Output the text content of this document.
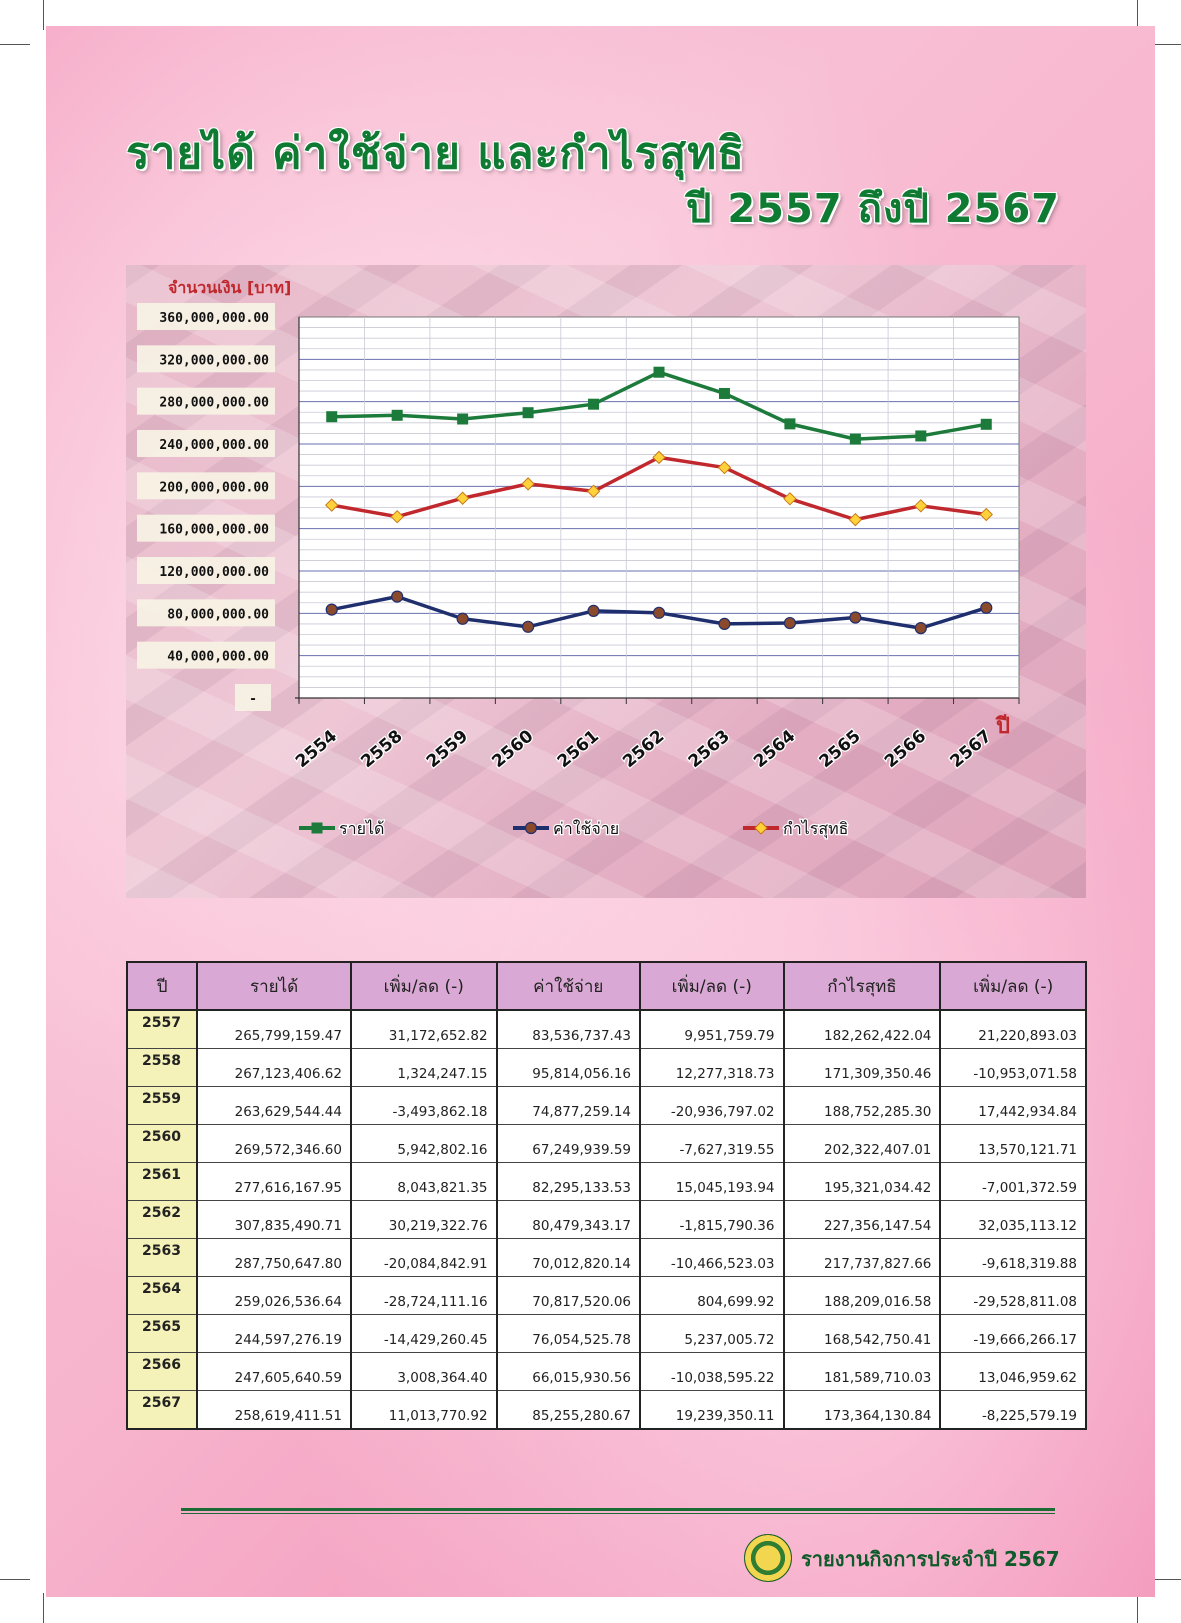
รายได้ ค่าใช้จ่าย และกำไรสุทธิ
ปี 2557 ถึงปี 2567
จำนวนเงิน [บาท]
-
40,000,000.00
80,000,000.00
120,000,000.00
160,000,000.00
200,000,000.00
240,000,000.00
280,000,000.00
320,000,000.00
360,000,000.00
2554 2558 2559 2560 2561 2562 2563 2564 2565 2566 2567 ปี
รายได้	ค่าใช้จ่าย	กำไรสุทธิ
ปี	รายได้	เพิ่ม/ลด (-)	ค่าใช้จ่าย	เพิ่ม/ลด (-)	กำไรสุทธิ	เพิ่ม/ลด (-)
2557	265,799,159.47	31,172,652.82	83,536,737.43	9,951,759.79	182,262,422.04	21,220,893.03
2558	267,123,406.62	1,324,247.15	95,814,056.16	12,277,318.73	171,309,350.46	-10,953,071.58
2559	263,629,544.44	-3,493,862.18	74,877,259.14	-20,936,797.02	188,752,285.30	17,442,934.84
2560	269,572,346.60	5,942,802.16	67,249,939.59	-7,627,319.55	202,322,407.01	13,570,121.71
2561	277,616,167.95	8,043,821.35	82,295,133.53	15,045,193.94	195,321,034.42	-7,001,372.59
2562	307,835,490.71	30,219,322.76	80,479,343.17	-1,815,790.36	227,356,147.54	32,035,113.12
2563	287,750,647.80	-20,084,842.91	70,012,820.14	-10,466,523.03	217,737,827.66	-9,618,319.88
2564	259,026,536.64	-28,724,111.16	70,817,520.06	804,699.92	188,209,016.58	-29,528,811.08
2565	244,597,276.19	-14,429,260.45	76,054,525.78	5,237,005.72	168,542,750.41	-19,666,266.17
2566	247,605,640.59	3,008,364.40	66,015,930.56	-10,038,595.22	181,589,710.03	13,046,959.62
2567	258,619,411.51	11,013,770.92	85,255,280.67	19,239,350.11	173,364,130.84	-8,225,579.19

รายงานกิจการประจำปี 2567
